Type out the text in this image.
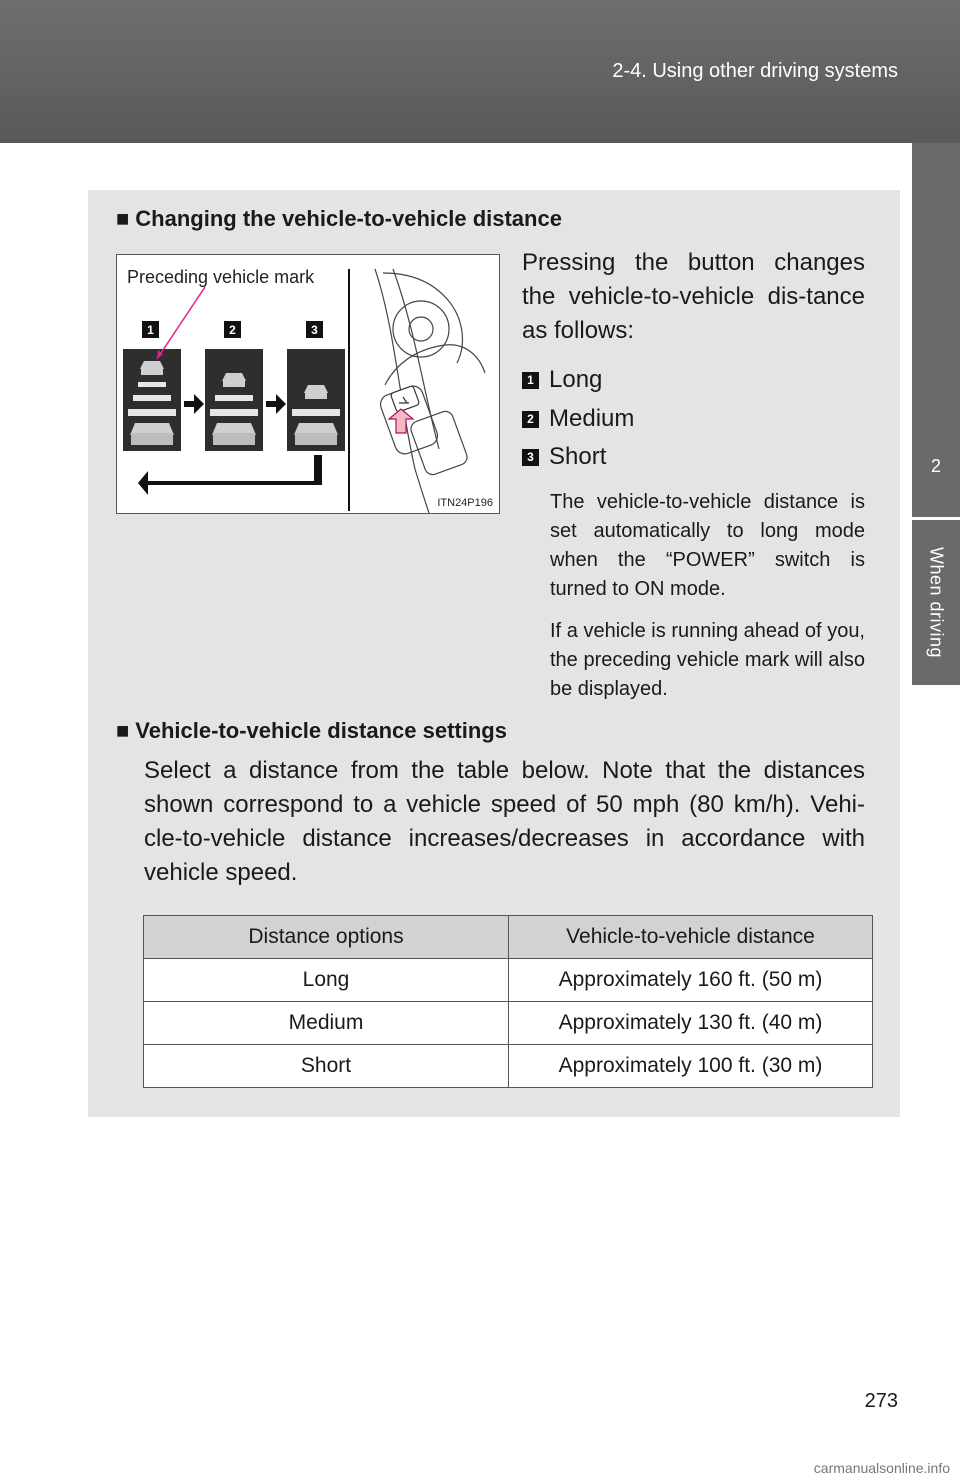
2-4. Using other driving systems
2
When driving
■ Changing the vehicle-to-vehicle distance
1	2	3
Preceding vehicle mark
ITN24P196
Pressing the button changes the vehicle-to-vehicle dis-tance as follows:
1 Long
2 Medium
3 Short
The vehicle-to-vehicle distance is set automatically to long mode when the “POWER” switch is turned to ON mode.
If a vehicle is running ahead of you, the preceding vehicle mark will also be displayed.
■ Vehicle-to-vehicle distance settings
Select a distance from the table below. Note that the distances shown correspond to a vehicle speed of 50 mph (80 km/h). Vehi-cle-to-vehicle distance increases/decreases in accordance with vehicle speed.
Distance options	Vehicle-to-vehicle distance
Long	Approximately 160 ft. (50 m)
Medium	Approximately 130 ft. (40 m)
Short	Approximately 100 ft. (30 m)
273
carmanualsonline.info
